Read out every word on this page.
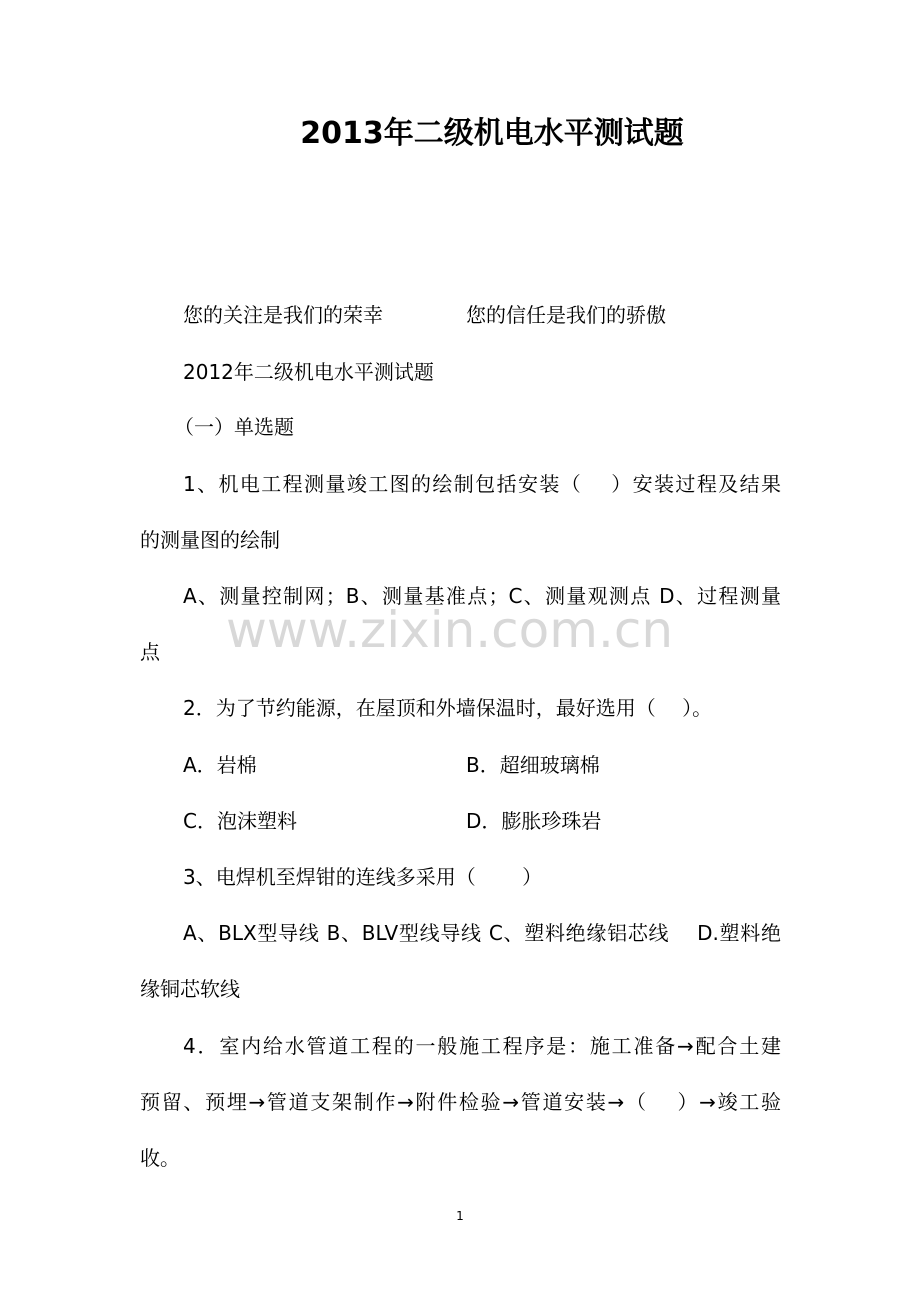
2013年二级机电水平测试题
您的关注是我们的荣幸	您的信任是我们的骄傲
2012年二级机电水平测试题
（一）单选题
1、机电工程测量竣工图的绘制包括安装（　 ）安装过程及结果
的测量图的绘制
A、测量控制网；B、测量基准点；C、测量观测点 D、过程测量
点
2．为了节约能源，在屋顶和外墙保温时，最好选用（　 ）。
A．岩棉	B．超细玻璃棉
C．泡沫塑料	D．膨胀珍珠岩
3、电焊机至焊钳的连线多采用（　　 ）
A、BLX型导线 B、BLV型线导线 C、塑料绝缘铝芯线　 D.塑料绝
缘铜芯软线
4．室内给水管道工程的一般施工程序是：施工准备→配合土建
预留、预埋→管道支架制作→附件检验→管道安装→（　 ）→竣工验
收。
www.zixin.com.cn
1
